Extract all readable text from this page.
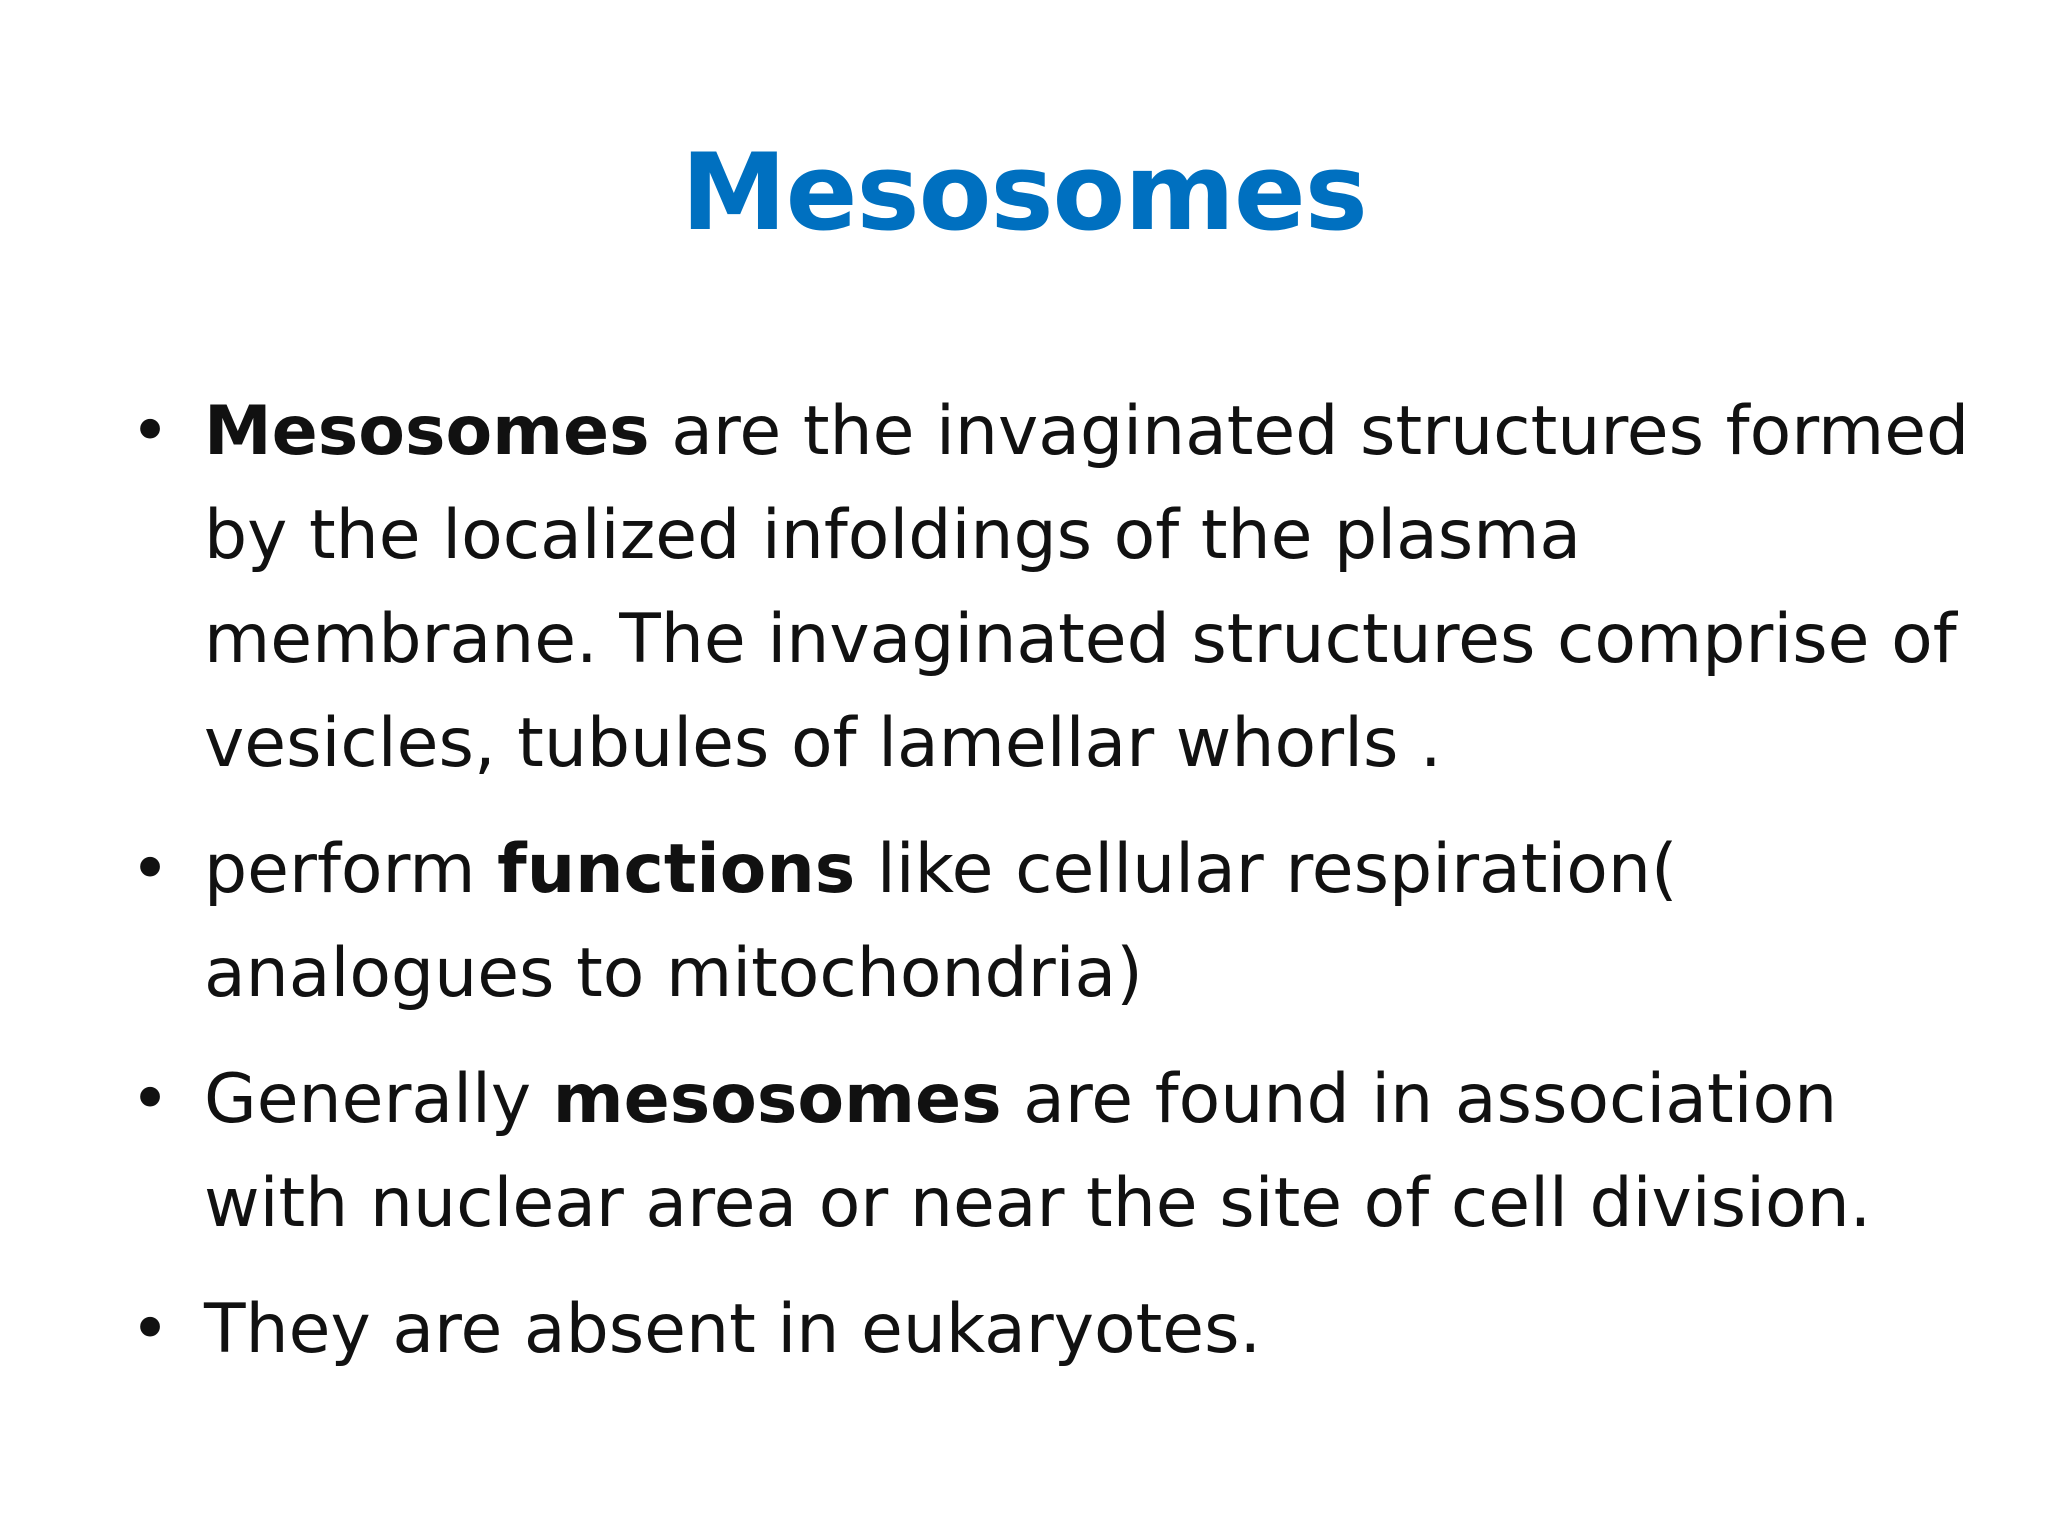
Mesosomes
• Mesosomes are the invaginated structures formed by the localized infoldings of the plasma membrane. The invaginated structures comprise of vesicles, tubules of lamellar whorls .
• perform functions like cellular respiration( analogues to mitochondria)
• Generally mesosomes are found in association with nuclear area or near the site of cell division.
• They are absent in eukaryotes.
